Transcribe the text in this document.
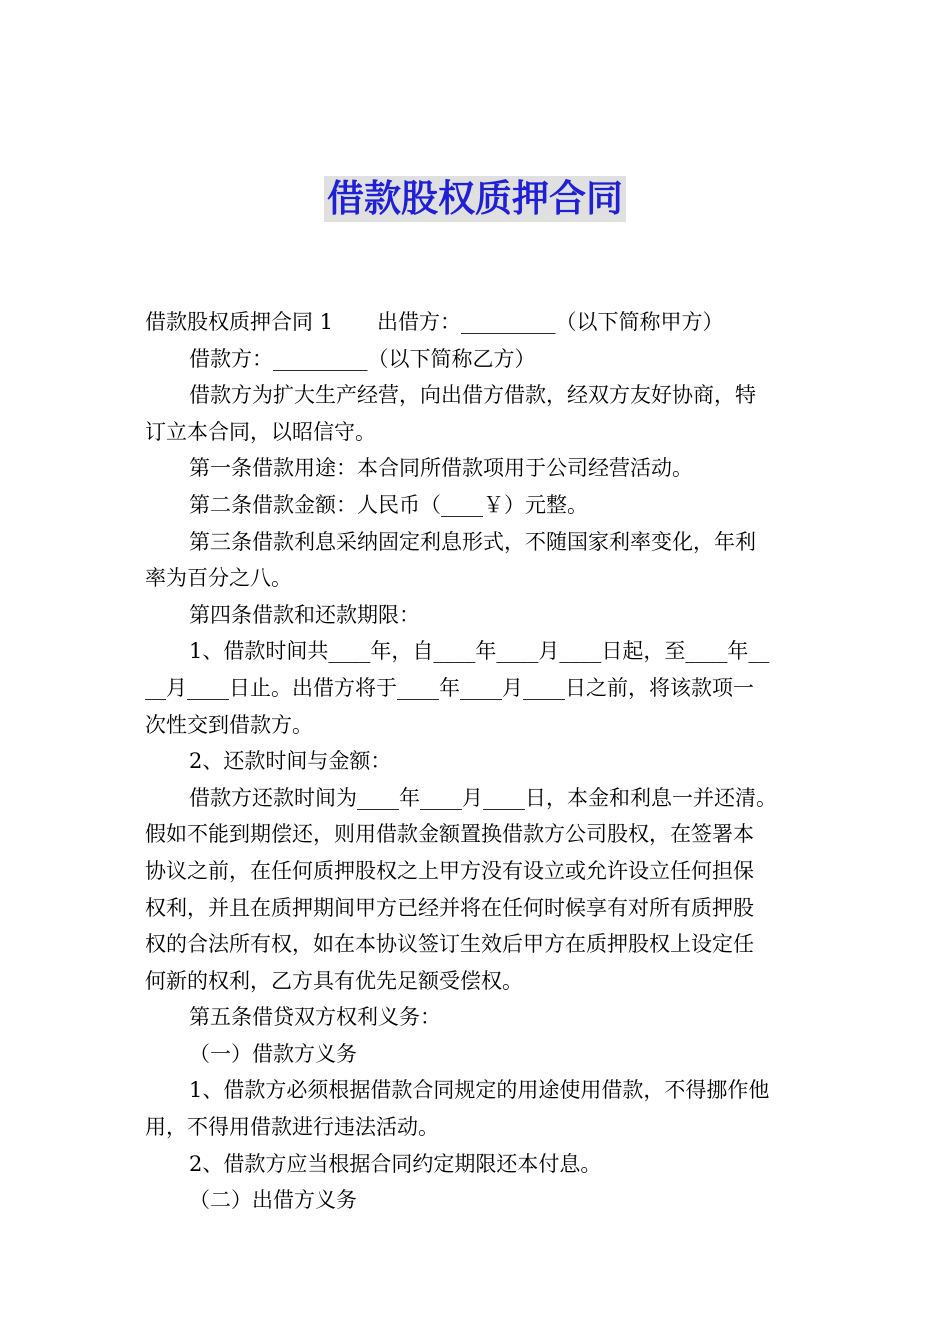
借款股权质押合同
借款股权质押合同 1 出借方：_________（以下简称甲方）
借款方：_________（以下简称乙方）
借款方为扩大生产经营，向出借方借款，经双方友好协商，特
订立本合同，以昭信守。
第一条借款用途：本合同所借款项用于公司经营活动。
第二条借款金额：人民币（____￥）元整。
第三条借款利息采纳固定利息形式，不随国家利率变化，年利
率为百分之八。
第四条借款和还款期限：
1、借款时间共____年，自____年____月____日起，至____年__
__月____日止。出借方将于____年____月____日之前，将该款项一
次性交到借款方。
2、还款时间与金额：
借款方还款时间为____年____月____日，本金和利息一并还清。
假如不能到期偿还，则用借款金额置换借款方公司股权，在签署本
协议之前，在任何质押股权之上甲方没有设立或允许设立任何担保
权利，并且在质押期间甲方已经并将在任何时候享有对所有质押股
权的合法所有权，如在本协议签订生效后甲方在质押股权上设定任
何新的权利，乙方具有优先足额受偿权。
第五条借贷双方权利义务：
（一）借款方义务
1、借款方必须根据借款合同规定的用途使用借款，不得挪作他
用，不得用借款进行违法活动。
2、借款方应当根据合同约定期限还本付息。
（二）出借方义务
